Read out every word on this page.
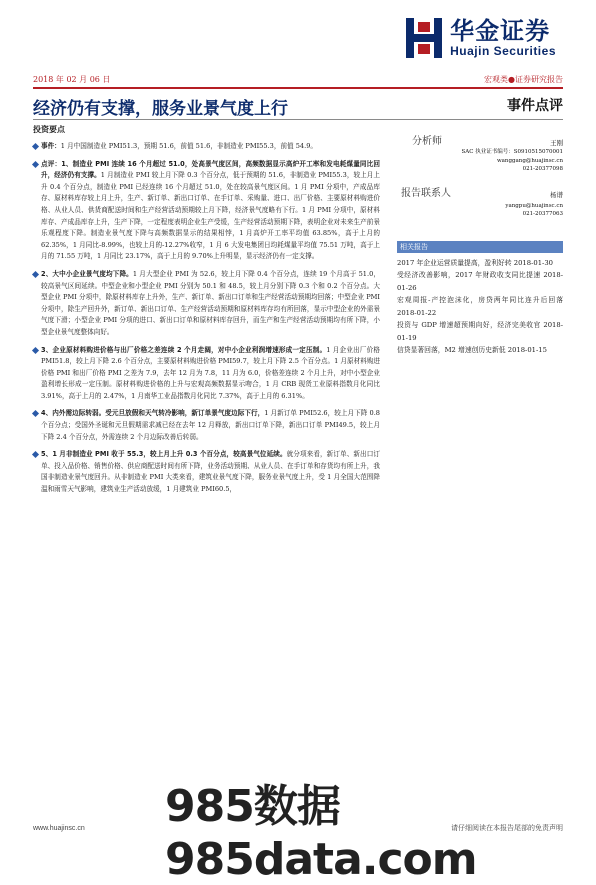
华金证券
Huajin Securities
2018 年 02 月 06 日	宏观类●证券研究报告
经济仍有支撑，服务业景气度上行	事件点评
投资要点
事件：1 月中国制造业 PMI51.3，预期 51.6，前值 51.6，非制造业 PMI55.3，前值 54.9。
点评：1、制造业 PMI 连续 16 个月超过 51.0，处高景气度区间，高频数据显示高炉开工率和发电耗煤量同比回升，经济仍有支撑。1 月制造业 PMI 较上月下降 0.3 个百分点，低于预期的 51.6，非制造业 PMI55.3，较上月上升 0.4 个百分点，制造业 PMI 已经连续 16 个月超过 51.0，处在较高景气度区间。1 月 PMI 分项中，产成品库存、原材料库存较上月上升，生产、新订单、新出口订单、在手订单、采购量、进口、出厂价格、主要原材料购进价格、从业人员、供货商配送时间和生产经营活动预期较上月下降，经济景气度略有下行。1 月 PMI 分项中，原材料库存、产成品库存上升，生产下降，一定程度表明企业生产受缓，生产经营活动预期下降，表明企业对未来生产前景乐观程度下降。制造业景气度下降与高频数据显示的结果相悖，1 月高炉开工率平均值 63.85%，高于上月的 62.35%，1 月同比-8.99%，也较上月的-12.27%收窄，1 月 6 大发电集团日均耗煤量平均值 75.51 万吨，高于上月的 71.55 万吨，1 月同比 23.17%，高于上月的 9.70%上升明显，显示经济仍有一定支撑。
2、大中小企业景气度均下降。1 月大型企业 PMI 为 52.6，较上月下降 0.4 个百分点，连续 19 个月高于 51.0，较高景气区间延续。中型企业和小型企业 PMI 分别为 50.1 和 48.5，较上月分别下降 0.3 个和 0.2 个百分点。大型企业 PMI 分项中，除原材料库存上升外，生产、新订单、新出口订单和生产经营活动预期均回落；中型企业 PMI 分项中，除生产回升外，新订单、新出口订单、生产经营活动预期和原材料库存均有所回落，显示中型企业的外需景气度下滑；小型企业 PMI 分项的进口、新出口订单和原材料库存回升，而生产和生产经营活动预期均有所下降，小型企业景气度整体向好。
3、企业原材料购进价格与出厂价格之差连续 2 个月走阔，对中小企业利润增速形成一定压制。1 月企业出厂价格 PMI51.8，较上月下降 2.6 个百分点，主要原材料购进价格 PMI59.7，较上月下降 2.5 个百分点。1 月原材料购进价格 PMI 和出厂价格 PMI 之差为 7.9，去年 12 月为 7.8，11 月为 6.0，价格差连续 2 个月上升，对中小型企业盈利增长形成一定压制。原材料购进价格的上升与宏观高频数据显示吻合，1 月 CRB 现货工业原料指数月化同比 3.91%，高于上月的 2.47%，1 月南华工业品指数月化同比 7.37%，高于上月的 6.31%。
4、内外需边际转弱。受元旦放假和天气转冷影响，新订单景气度边际下行，1 月新订单 PMI52.6，较上月下降 0.8 个百分点；受国外圣诞和元旦假期需求减已经在去年 12 月释放，新出口订单下降，新出口订单 PMI49.5，较上月下降 2.4 个百分点，外需连续 2 个月边际改善后转弱。
5、1 月非制造业 PMI 收于 55.3，较上月上升 0.3 个百分点，较高景气位延续。就分项来看，新订单、新出口订单、投入品价格、销售价格、供应商配送时间有所下降，业务活动预期、从业人员、在手订单和存货均有所上升，我国非制造业景气度回升。从非制造业 PMI 大类来看，建筑业景气度下降，服务业景气度上升，受 1 月全国大范围降温和雨雪天气影响，建筑业生产活动放缓，1 月建筑业 PMI60.5，
分析师	王刚
SAC 执业证书编号：S0910515070001
wanggang@huajinsc.cn
021-20377098
报告联系人	杨谱
yangpu@huajinsc.cn
021-20377063
相关报告
2017 年企业运营质量提高，盈利好转 2018-01-30
受经济改善影响，2017 年财政收支同比提速 2018-01-26
宏观周报-产控泡沫化，房贷两年同比连升后回落 2018-01-22
投资与 GDP 增速超预期向好，经济完美收官 2018-01-19
信贷显著回落，M2 增速创历史新低 2018-01-15
985数据 985data.com
www.huajinsc.cn	请仔细阅读在本报告尾部的免责声明
